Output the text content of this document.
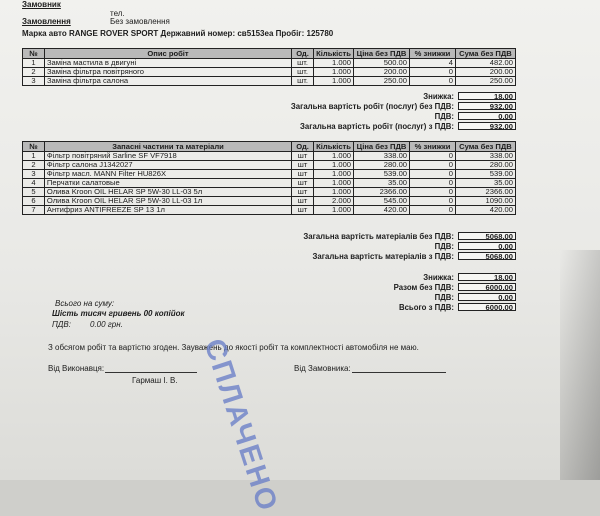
Замовник
тел.
Замовлення	Без замовлення
Марка авто RANGE ROVER SPORT Державний номер: св5153еа Пробіг: 125780
№	Опис робіт	Од.	Кількість	Ціна без ПДВ	% знижки	Сума без ПДВ
1	Заміна мастила в двигуні	шт.	1.000	500.00	4	482.00
2	Заміна фільтра повітряного	шт.	1.000	200.00	0	200.00
3	Заміна фільтра салона	шт.	1.000	250.00	0	250.00
Знижка:	18.00
Загальна вартість робіт (послуг) без ПДВ:	932.00
ПДВ:	0.00
Загальна вартість робіт (послуг) з ПДВ:	932.00
№	Запасні частини та матеріали	Од.	Кількість	Ціна без ПДВ	% знижки	Сума без ПДВ
1	Фільтр повітряний Sarline SF VF7918	шт	1.000	338.00	0	338.00
2	Фільтр салона J1342027	шт	1.000	280.00	0	280.00
3	Фільтр масл. MANN Filter HU826X	шт	1.000	539.00	0	539.00
4	Перчатки салатовые	шт	1.000	35.00	0	35.00
5	Олива Kroon OIL HELAR SP 5W-30 LL-03 5л	шт	1.000	2366.00	0	2366.00
6	Олива Kroon OIL HELAR SP 5W-30 LL-03 1л	шт	2.000	545.00	0	1090.00
7	Антифриз ANTIFREEZE SP 13 1л	шт	1.000	420.00	0	420.00
Загальна вартість матеріалів без ПДВ:	5068.00
ПДВ:	0.00
Загальна вартість матеріалів з ПДВ:	5068.00
Знижка:	18.00
Разом без ПДВ:	6000.00
ПДВ:	0.00
Всього з ПДВ:	6000.00
Всього на суму:
Шість тисяч гривень 00 копійок
ПДВ: 0.00 грн.
З обсягом робіт та вартістю згоден. Зауважень до якості робіт та комплектності автомобіля не маю.
Від Виконавця:
Гармаш І. В.
Від Замовника:
СПЛАЧЕНО
